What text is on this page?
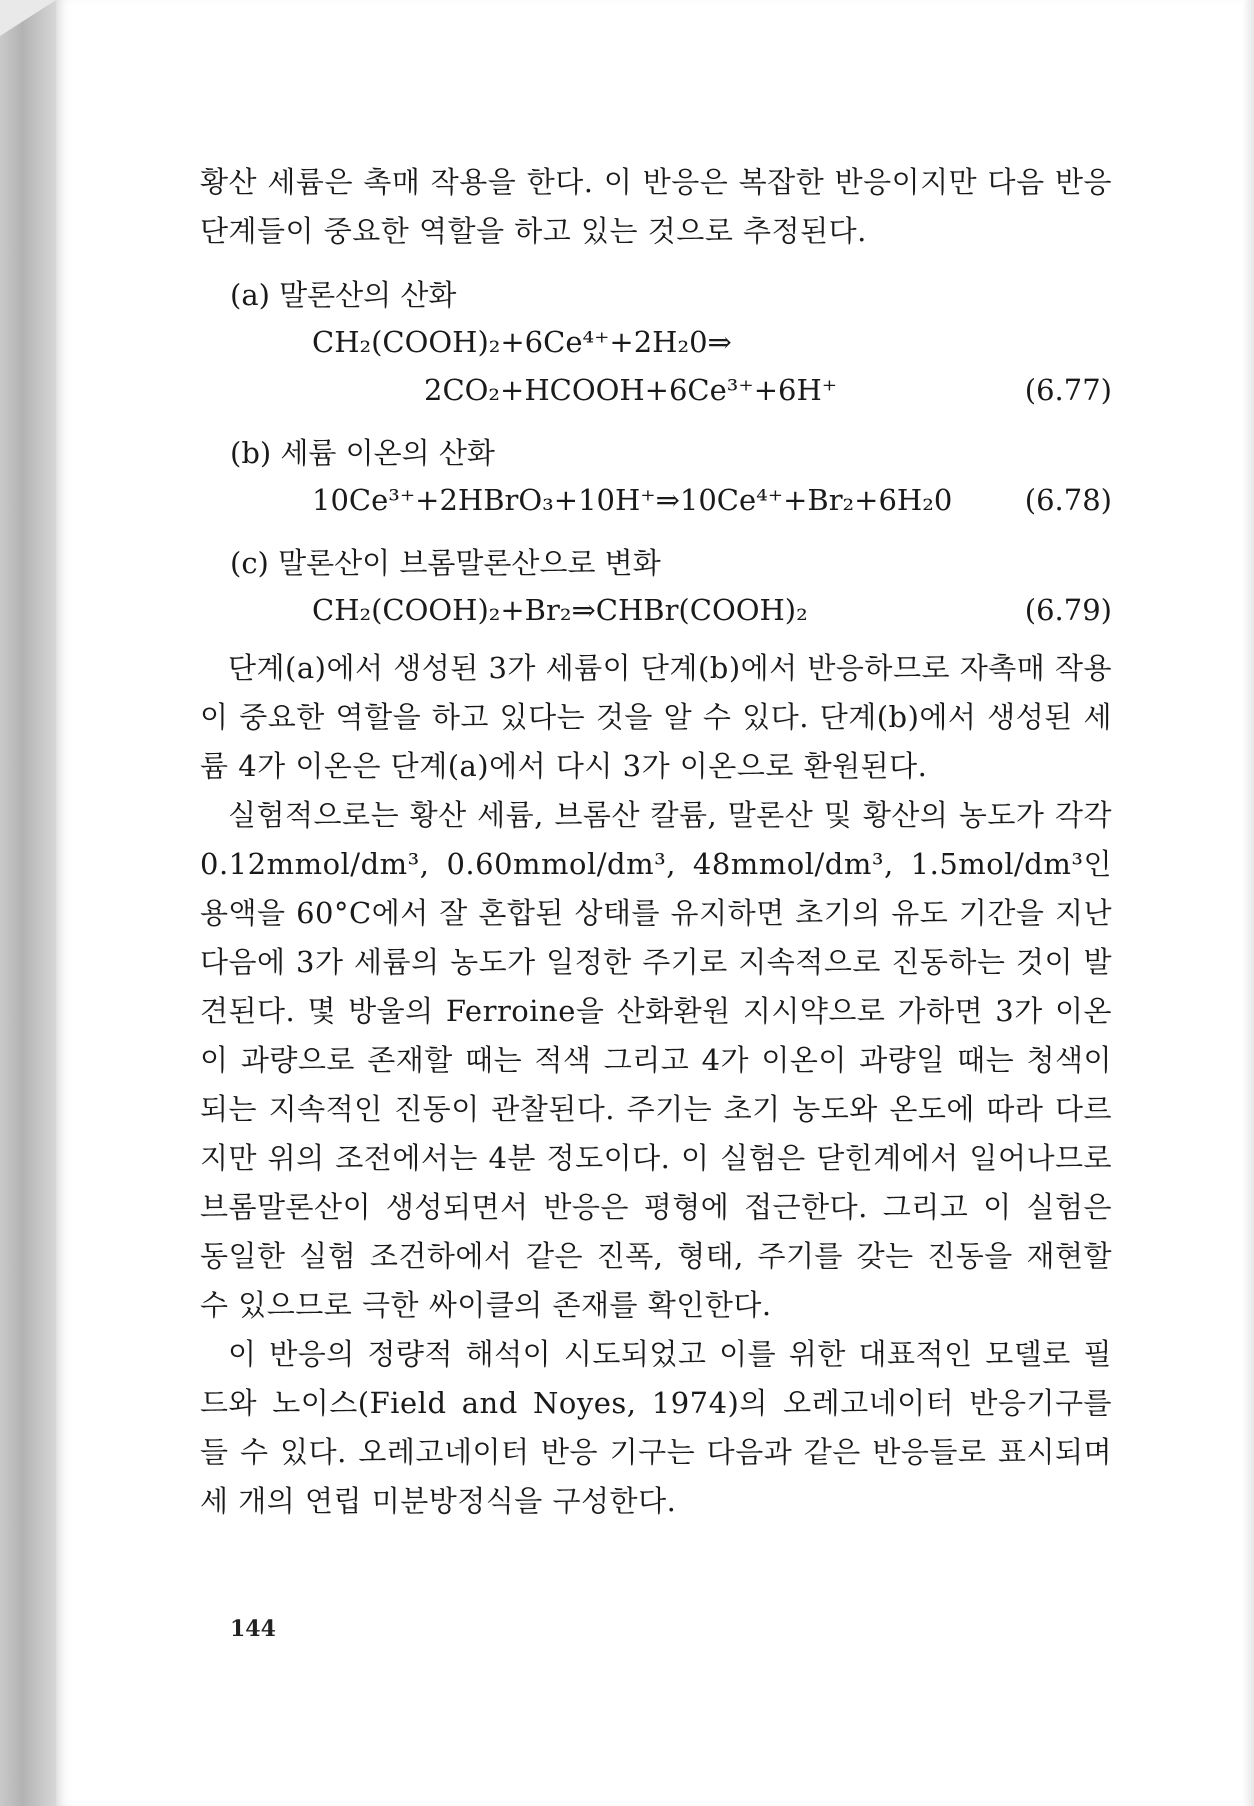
황산 세륨은 촉매 작용을 한다. 이 반응은 복잡한 반응이지만 다음 반응 단계들이 중요한 역할을 하고 있는 것으로 추정된다.

(a) 말론산의 산화
CH₂(COOH)₂+6Ce⁴⁺+2H₂0⇒
2CO₂+HCOOH+6Ce³⁺+6H⁺	(6.77)
(b) 세륨 이온의 산화
10Ce³⁺+2HBrO₃+10H⁺⇒10Ce⁴⁺+Br₂+6H₂0	(6.78)
(c) 말론산이 브롬말론산으로 변화
CH₂(COOH)₂+Br₂⇒CHBr(COOH)₂	(6.79)

단계(a)에서 생성된 3가 세륨이 단계(b)에서 반응하므로 자촉매 작용이 중요한 역할을 하고 있다는 것을 알 수 있다. 단계(b)에서 생성된 세륨 4가 이온은 단계(a)에서 다시 3가 이온으로 환원된다.

실험적으로는 황산 세륨, 브롬산 칼륨, 말론산 및 황산의 농도가 각각 0.12mmol/dm³, 0.60mmol/dm³, 48mmol/dm³, 1.5mol/dm³인 용액을 60°C에서 잘 혼합된 상태를 유지하면 초기의 유도 기간을 지난 다음에 3가 세륨의 농도가 일정한 주기로 지속적으로 진동하는 것이 발견된다. 몇 방울의 Ferroine을 산화환원 지시약으로 가하면 3가 이온이 과량으로 존재할 때는 적색 그리고 4가 이온이 과량일 때는 청색이 되는 지속적인 진동이 관찰된다. 주기는 초기 농도와 온도에 따라 다르지만 위의 조전에서는 4분 정도이다. 이 실험은 닫힌계에서 일어나므로 브롬말론산이 생성되면서 반응은 평형에 접근한다. 그리고 이 실험은 동일한 실험 조건하에서 같은 진폭, 형태, 주기를 갖는 진동을 재현할 수 있으므로 극한 싸이클의 존재를 확인한다.

이 반응의 정량적 해석이 시도되었고 이를 위한 대표적인 모델로 필드와 노이스(Field and Noyes, 1974)의 오레고네이터 반응기구를 들 수 있다. 오레고네이터 반응 기구는 다음과 같은 반응들로 표시되며 세 개의 연립 미분방정식을 구성한다.

144
